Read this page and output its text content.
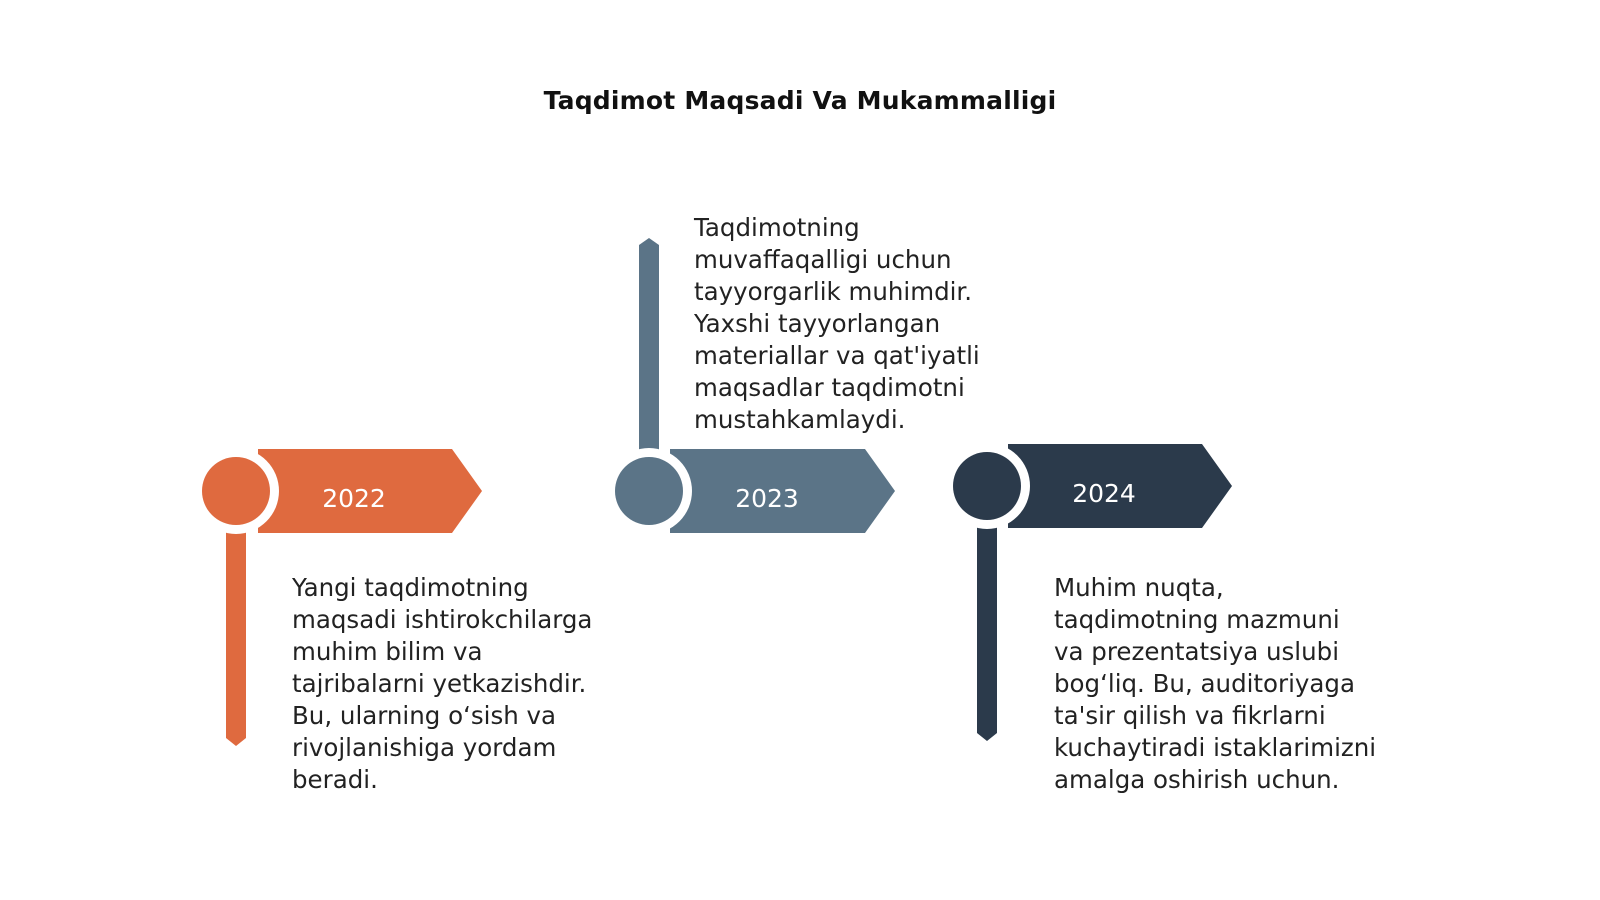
Taqdimot Maqsadi Va Mukammalligi
2022	2023	2024

Yangi taqdimotning
maqsadi ishtirokchilarga
muhim bilim va
tajribalarni yetkazishdir.
Bu, ularning o‘sish va
rivojlanishiga yordam
beradi.

Taqdimotning
muvaffaqalligi uchun
tayyorgarlik muhimdir.
Yaxshi tayyorlangan
materiallar va qat'iyatli
maqsadlar taqdimotni
mustahkamlaydi.

Muhim nuqta,
taqdimotning mazmuni
va prezentatsiya uslubi
bog‘liq. Bu, auditoriyaga
ta'sir qilish va fikrlarni
kuchaytiradi istaklarimizni
amalga oshirish uchun.
